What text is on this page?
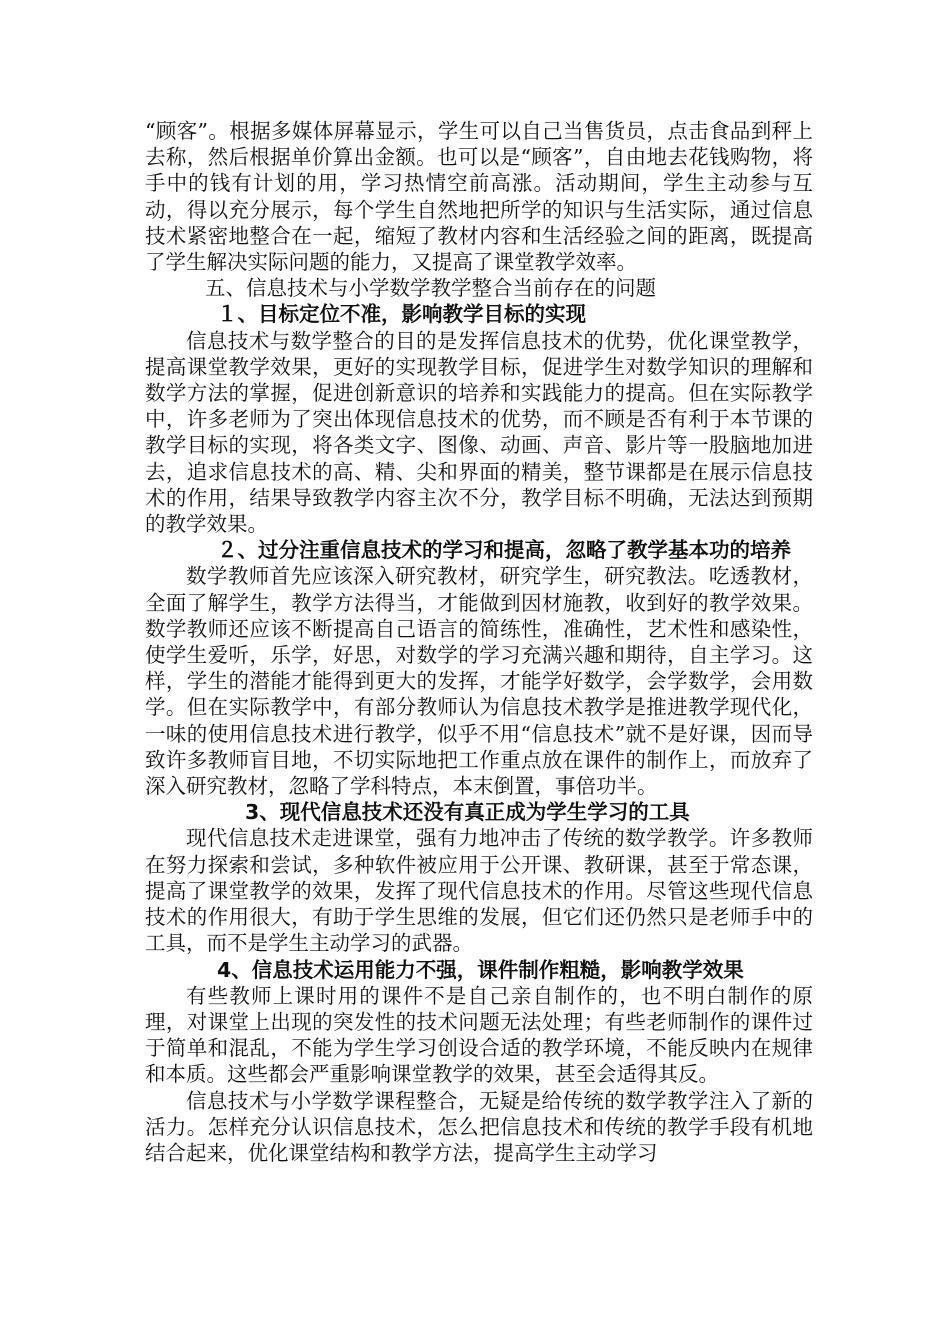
“顾客”。根据多媒体屏幕显示，学生可以自己当售货员，点击食品到秤上去称，然后根据单价算出金额。也可以是“顾客”，自由地去花钱购物，将手中的钱有计划的用，学习热情空前高涨。活动期间，学生主动参与互动，得以充分展示，每个学生自然地把所学的知识与生活实际，通过信息技术紧密地整合在一起，缩短了教材内容和生活经验之间的距离，既提高了学生解决实际问题的能力，又提高了课堂教学效率。

五、信息技术与小学数学教学整合当前存在的问题

１、目标定位不准，影响教学目标的实现

信息技术与数学整合的目的是发挥信息技术的优势，优化课堂教学，提高课堂教学效果，更好的实现教学目标，促进学生对数学知识的理解和数学方法的掌握，促进创新意识的培养和实践能力的提高。但在实际教学中，许多老师为了突出体现信息技术的优势，而不顾是否有利于本节课的教学目标的实现，将各类文字、图像、动画、声音、影片等一股脑地加进去，追求信息技术的高、精、尖和界面的精美，整节课都是在展示信息技术的作用，结果导致教学内容主次不分，教学目标不明确，无法达到预期的教学效果。

２、过分注重信息技术的学习和提高，忽略了教学基本功的培养

数学教师首先应该深入研究教材，研究学生，研究教法。吃透教材，全面了解学生，教学方法得当，才能做到因材施教，收到好的教学效果。数学教师还应该不断提高自己语言的简练性，准确性，艺术性和感染性，使学生爱听，乐学，好思，对数学的学习充满兴趣和期待，自主学习。这样，学生的潜能才能得到更大的发挥，才能学好数学，会学数学，会用数学。但在实际教学中，有部分教师认为信息技术教学是推进教学现代化，一味的使用信息技术进行教学，似乎不用“信息技术”就不是好课，因而导致许多教师盲目地，不切实际地把工作重点放在课件的制作上，而放弃了深入研究教材，忽略了学科特点，本末倒置，事倍功半。

3、现代信息技术还没有真正成为学生学习的工具

现代信息技术走进课堂，强有力地冲击了传统的数学教学。许多教师在努力探索和尝试，多种软件被应用于公开课、教研课，甚至于常态课，提高了课堂教学的效果，发挥了现代信息技术的作用。尽管这些现代信息技术的作用很大，有助于学生思维的发展，但它们还仍然只是老师手中的工具，而不是学生主动学习的武器。

4、信息技术运用能力不强，课件制作粗糙，影响教学效果

有些教师上课时用的课件不是自己亲自制作的，也不明白制作的原理，对课堂上出现的突发性的技术问题无法处理；有些老师制作的课件过于简单和混乱，不能为学生学习创设合适的教学环境，不能反映内在规律和本质。这些都会严重影响课堂教学的效果，甚至会适得其反。

信息技术与小学数学课程整合，无疑是给传统的数学教学注入了新的活力。怎样充分认识信息技术，怎么把信息技术和传统的教学手段有机地结合起来，优化课堂结构和教学方法，提高学生主动学习
